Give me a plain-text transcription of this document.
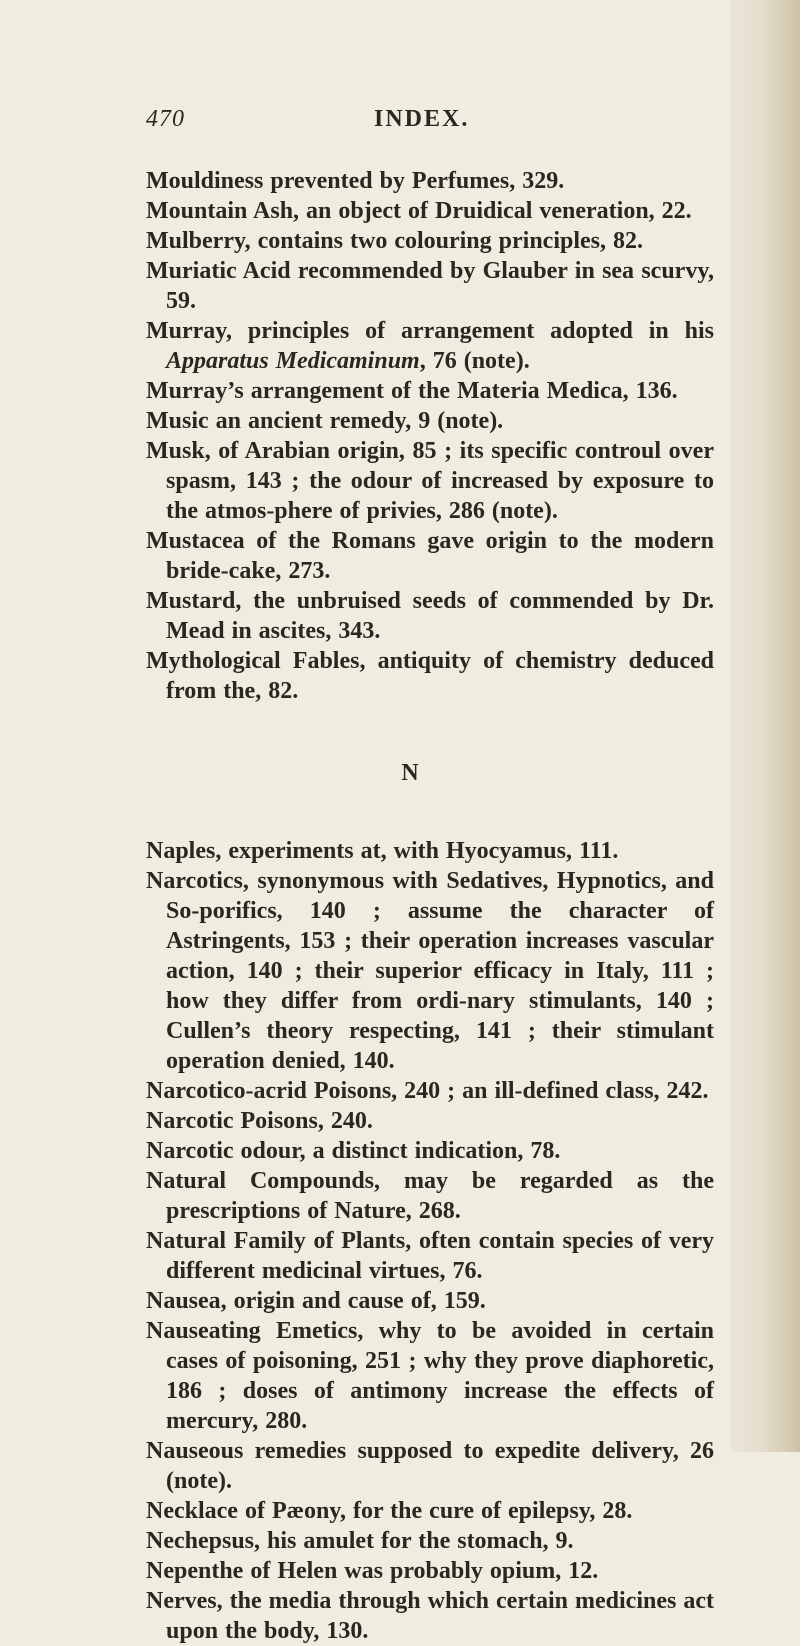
470	INDEX.
Mouldiness prevented by Perfumes, 329.
Mountain Ash, an object of Druidical veneration, 22.
Mulberry, contains two colouring principles, 82.
Muriatic Acid recommended by Glauber in sea scurvy, 59.
Murray, principles of arrangement adopted in his Apparatus Medicaminum, 76 (note).
Murray’s arrangement of the Materia Medica, 136.
Music an ancient remedy, 9 (note).
Musk, of Arabian origin, 85 ; its specific controul over spasm, 143 ; the odour of increased by exposure to the atmos-phere of privies, 286 (note).
Mustacea of the Romans gave origin to the modern bride-cake, 273.
Mustard, the unbruised seeds of commended by Dr. Mead in ascites, 343.
Mythological Fables, antiquity of chemistry deduced from the, 82.
N
Naples, experiments at, with Hyocyamus, 111.
Narcotics, synonymous with Sedatives, Hypnotics, and So-porifics, 140 ; assume the character of Astringents, 153 ; their operation increases vascular action, 140 ; their superior efficacy in Italy, 111 ; how they differ from ordi-nary stimulants, 140 ; Cullen’s theory respecting, 141 ; their stimulant operation denied, 140.
Narcotico-acrid Poisons, 240 ; an ill-defined class, 242.
Narcotic Poisons, 240.
Narcotic odour, a distinct indication, 78.
Natural Compounds, may be regarded as the prescriptions of Nature, 268.
Natural Family of Plants, often contain species of very different medicinal virtues, 76.
Nausea, origin and cause of, 159.
Nauseating Emetics, why to be avoided in certain cases of poisoning, 251 ; why they prove diaphoretic, 186 ; doses of antimony increase the effects of mercury, 280.
Nauseous remedies supposed to expedite delivery, 26 (note).
Necklace of Pæony, for the cure of epilepsy, 28.
Nechepsus, his amulet for the stomach, 9.
Nepenthe of Helen was probably opium, 12.
Nerves, the media through which certain medicines act upon the body, 130.
